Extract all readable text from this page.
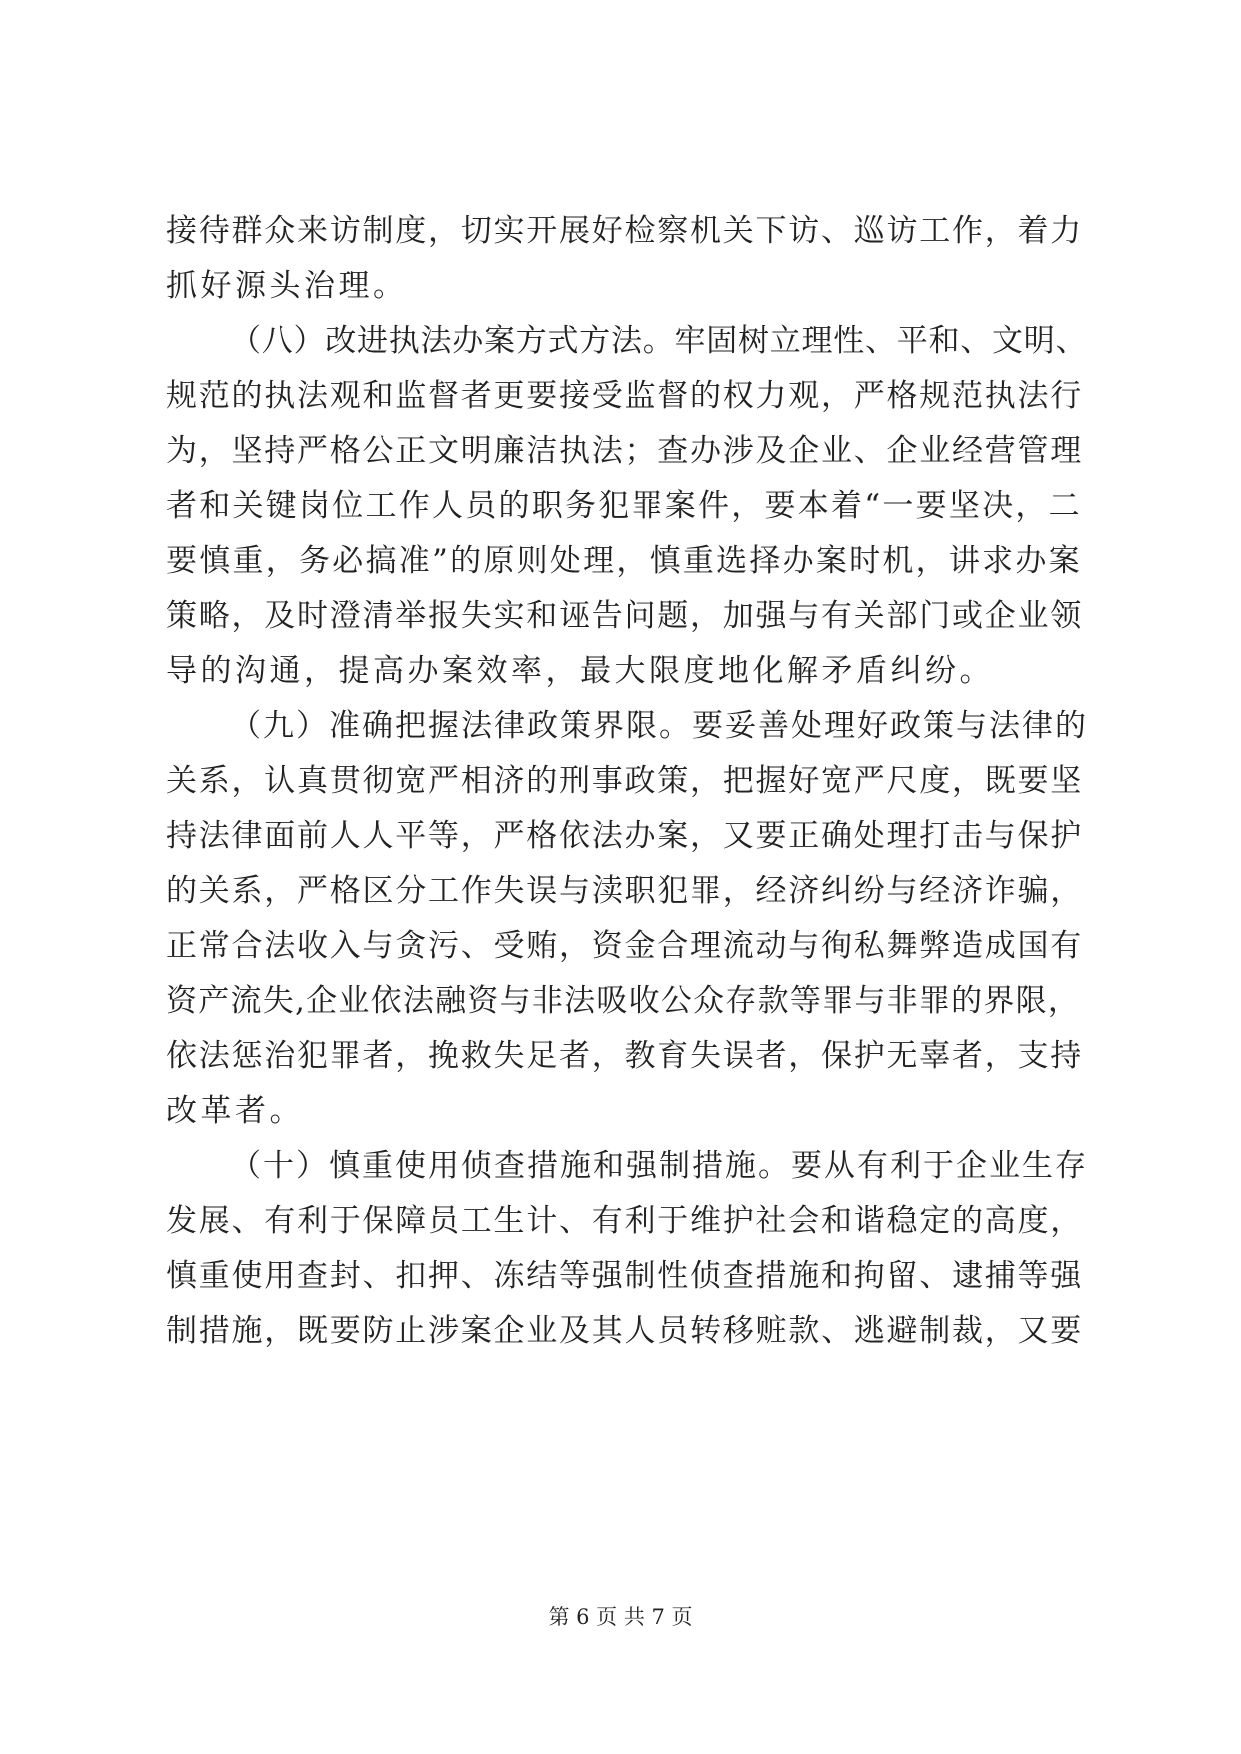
接待群众来访制度，切实开展好检察机关下访、巡访工作，着力
抓好源头治理。
（八）改进执法办案方式方法。牢固树立理性、平和、文明、
规范的执法观和监督者更要接受监督的权力观，严格规范执法行
为，坚持严格公正文明廉洁执法；查办涉及企业、企业经营管理
者和关键岗位工作人员的职务犯罪案件，要本着“一要坚决，二
要慎重，务必搞准”的原则处理，慎重选择办案时机，讲求办案
策略，及时澄清举报失实和诬告问题，加强与有关部门或企业领
导的沟通，提高办案效率，最大限度地化解矛盾纠纷。
（九）准确把握法律政策界限。要妥善处理好政策与法律的
关系，认真贯彻宽严相济的刑事政策，把握好宽严尺度，既要坚
持法律面前人人平等，严格依法办案，又要正确处理打击与保护
的关系，严格区分工作失误与渎职犯罪，经济纠纷与经济诈骗，
正常合法收入与贪污、受贿，资金合理流动与徇私舞弊造成国有
资产流失,企业依法融资与非法吸收公众存款等罪与非罪的界限，
依法惩治犯罪者，挽救失足者，教育失误者，保护无辜者，支持
改革者。
（十）慎重使用侦查措施和强制措施。要从有利于企业生存
发展、有利于保障员工生计、有利于维护社会和谐稳定的高度，
慎重使用查封、扣押、冻结等强制性侦查措施和拘留、逮捕等强
制措施，既要防止涉案企业及其人员转移赃款、逃避制裁，又要
第 6 页 共 7 页
